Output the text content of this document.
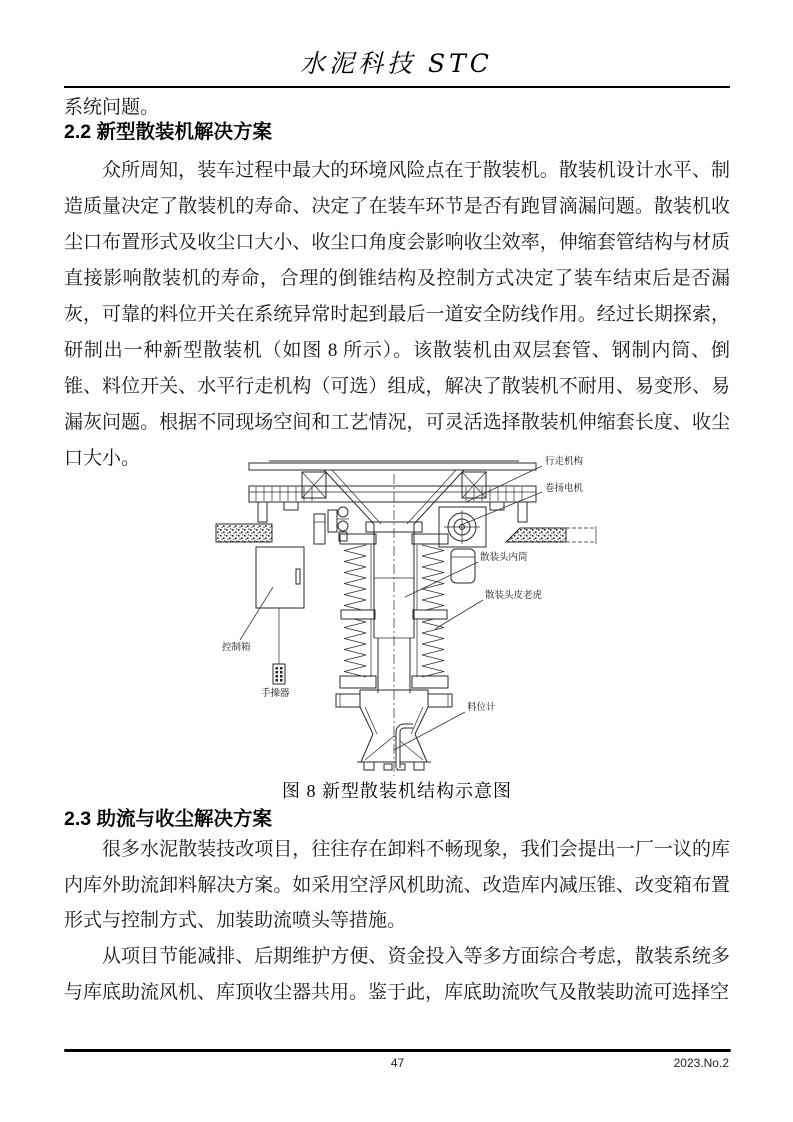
水泥科技 STC
系统问题。
2.2 新型散装机解决方案

众所周知，装车过程中最大的环境风险点在于散装机。散装机设计水平、制造质量决定了散装机的寿命、决定了在装车环节是否有跑冒滴漏问题。散装机收尘口布置形式及收尘口大小、收尘口角度会影响收尘效率，伸缩套管结构与材质直接影响散装机的寿命，合理的倒锥结构及控制方式决定了装车结束后是否漏灰，可靠的料位开关在系统异常时起到最后一道安全防线作用。经过长期探索，研制出一种新型散装机（如图 8 所示）。该散装机由双层套管、钢制内筒、倒锥、料位开关、水平行走机构（可选）组成，解决了散装机不耐用、易变形、易漏灰问题。根据不同现场空间和工艺情况，可灵活选择散装机伸缩套长度、收尘口大小。	行走机构
卷扬电机
散装头内筒
散装头皮老虎
控制箱
手操器
料位计
图 8 新型散装机结构示意图
2.3 助流与收尘解决方案

很多水泥散装技改项目，往往存在卸料不畅现象，我们会提出一厂一议的库内库外助流卸料解决方案。如采用空浮风机助流、改造库内减压锥、改变箱布置形式与控制方式、加装助流喷头等措施。

从项目节能减排、后期维护方便、资金投入等多方面综合考虑，散装系统多与库底助流风机、库顶收尘器共用。鉴于此，库底助流吹气及散装助流可选择空

47	2023.No.2
